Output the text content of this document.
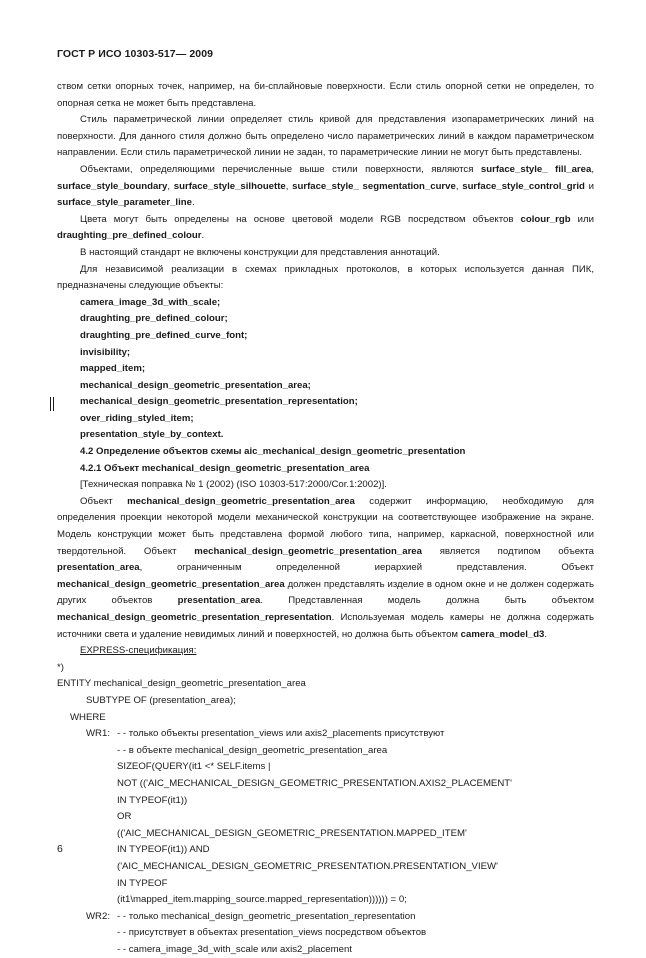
ГОСТ Р ИСО 10303-517— 2009

ством сетки опорных точек, например, на би-сплайновые поверхности. Если стиль опорной сетки не определен, то опорная сетка не может быть представлена.

Стиль параметрической линии определяет стиль кривой для представления изопараметрических линий на поверхности. Для данного стиля должно быть определено число параметрических линий в каждом параметрическом направлении. Если стиль параметрической линии не задан, то параметрические линии не могут быть представлены.

Объектами, определяющими перечисленные выше стили поверхности, являются surface_style_ fill_area, surface_style_boundary, surface_style_silhouette, surface_style_ segmentation_curve, surface_style_control_grid и surface_style_parameter_line.

Цвета могут быть определены на основе цветовой модели RGB посредством объектов colour_rgb или draughting_pre_defined_colour.

В настоящий стандарт не включены конструкции для представления аннотаций.

Для независимой реализации в схемах прикладных протоколов, в которых используется данная ПИК, предназначены следующие объекты:

camera_image_3d_with_scale;

draughting_pre_defined_colour;

draughting_pre_defined_curve_font;

invisibility;

mapped_item;

mechanical_design_geometric_presentation_area;

mechanical_design_geometric_presentation_representation;

over_riding_styled_item;

presentation_style_by_context.

4.2 Определение объектов схемы aic_mechanical_design_geometric_presentation

4.2.1 Объект mechanical_design_geometric_presentation_area

[Техническая поправка № 1 (2002) (ISO 10303-517:2000/Cor.1:2002)].

Объект mechanical_design_geometric_presentation_area содержит информацию, необходимую для определения проекции некоторой модели механической конструкции на соответствующее изображение на экране. Модель конструкции может быть представлена формой любого типа, например, каркасной, поверхностной или твердотельной. Объект mechanical_design_geometric_presentation_area является подтипом объекта presentation_area, ограниченным определенной иерархией представления. Объект mechanical_design_geometric_presentation_area должен представлять изделие в одном окне и не должен содержать других объектов presentation_area. Представленная модель должна быть объектом mechanical_design_geometric_presentation_representation. Используемая модель камеры не должна содержать источники света и удаление невидимых линий и поверхностей, но должна быть объектом camera_model_d3.

EXPRESS-спецификация:

*)

ENTITY mechanical_design_geometric_presentation_area

SUBTYPE OF (presentation_area);

WHERE

WR1: - - только объекты presentation_views или axis2_placements присутствуют

- - в объекте mechanical_design_geometric_presentation_area

SIZEOF(QUERY(it1 <* SELF.items |

NOT (('AIC_MECHANICAL_DESIGN_GEOMETRIC_PRESENTATION.AXIS2_PLACEMENT'

IN TYPEOF(it1))

OR

(('AIC_MECHANICAL_DESIGN_GEOMETRIC_PRESENTATION.MAPPED_ITEM'

IN TYPEOF(it1)) AND

('AIC_MECHANICAL_DESIGN_GEOMETRIC_PRESENTATION.PRESENTATION_VIEW'

IN TYPEOF

(it1\mapped_item.mapping_source.mapped_representation)))))) = 0;

WR2: - - только mechanical_design_geometric_presentation_representation

- - присутствует в объектах presentation_views посредством объектов

- - camera_image_3d_with_scale или axis2_placement

6
